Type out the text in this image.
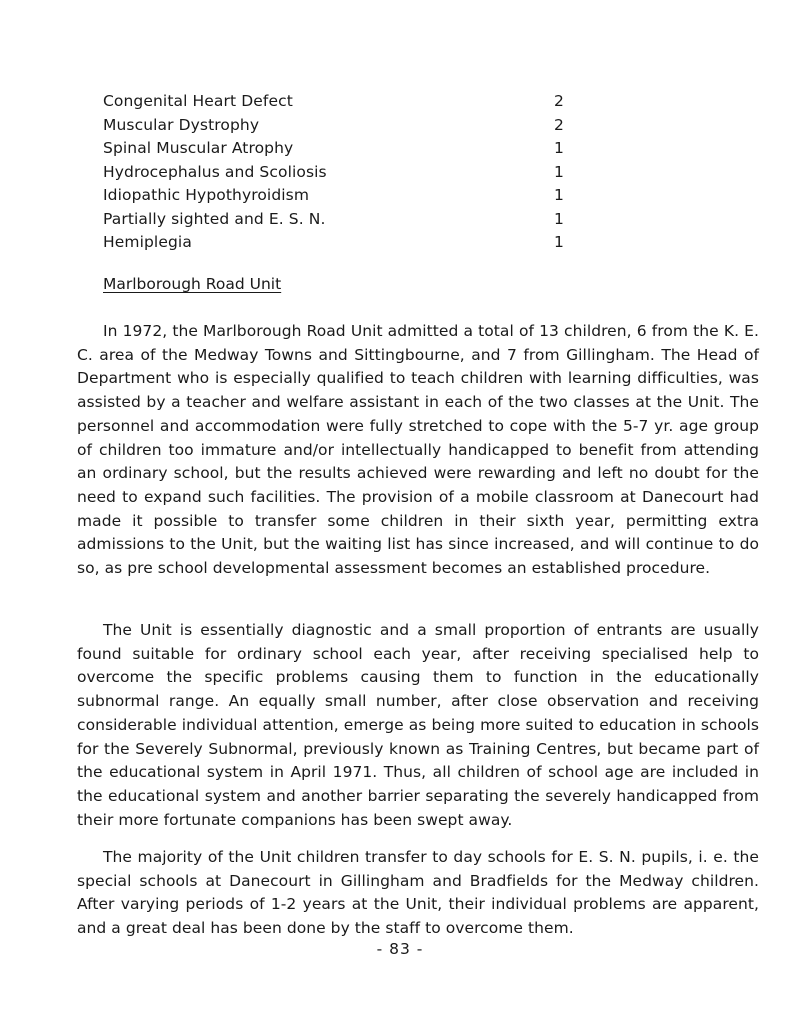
Congenital Heart Defect	2
Muscular Dystrophy	2
Spinal Muscular Atrophy	1
Hydrocephalus and Scoliosis	1
Idiopathic Hypothyroidism	1
Partially sighted and E. S. N.	1
Hemiplegia	1
Marlborough Road Unit

In 1972, the Marlborough Road Unit admitted a total of 13 children, 6 from the K. E. C. area of the Medway Towns and Sittingbourne, and 7 from Gillingham. The Head of Department who is especially qualified to teach children with learning difficulties, was assisted by a teacher and welfare assistant in each of the two classes at the Unit. The personnel and accommodation were fully stretched to cope with the 5-7 yr. age group of children too immature and/or intellectually handicapped to benefit from attending an ordinary school, but the results achieved were rewarding and left no doubt for the need to expand such facilities. The provision of a mobile classroom at Danecourt had made it possible to transfer some children in their sixth year, permitting extra admissions to the Unit, but the waiting list has since increased, and will continue to do so, as pre school developmental assessment becomes an established procedure.

The Unit is essentially diagnostic and a small proportion of entrants are usually found suitable for ordinary school each year, after receiving specialised help to overcome the specific problems causing them to function in the educationally subnormal range. An equally small number, after close observation and receiving considerable individual attention, emerge as being more suited to education in schools for the Severely Subnormal, previously known as Training Centres, but became part of the educational system in April 1971. Thus, all children of school age are included in the educational system and another barrier separating the severely handicapped from their more fortunate companions has been swept away.

The majority of the Unit children transfer to day schools for E. S. N. pupils, i. e. the special schools at Danecourt in Gillingham and Bradfields for the Medway children. After varying periods of 1-2 years at the Unit, their individual problems are apparent, and a great deal has been done by the staff to overcome them.

- 83 -
